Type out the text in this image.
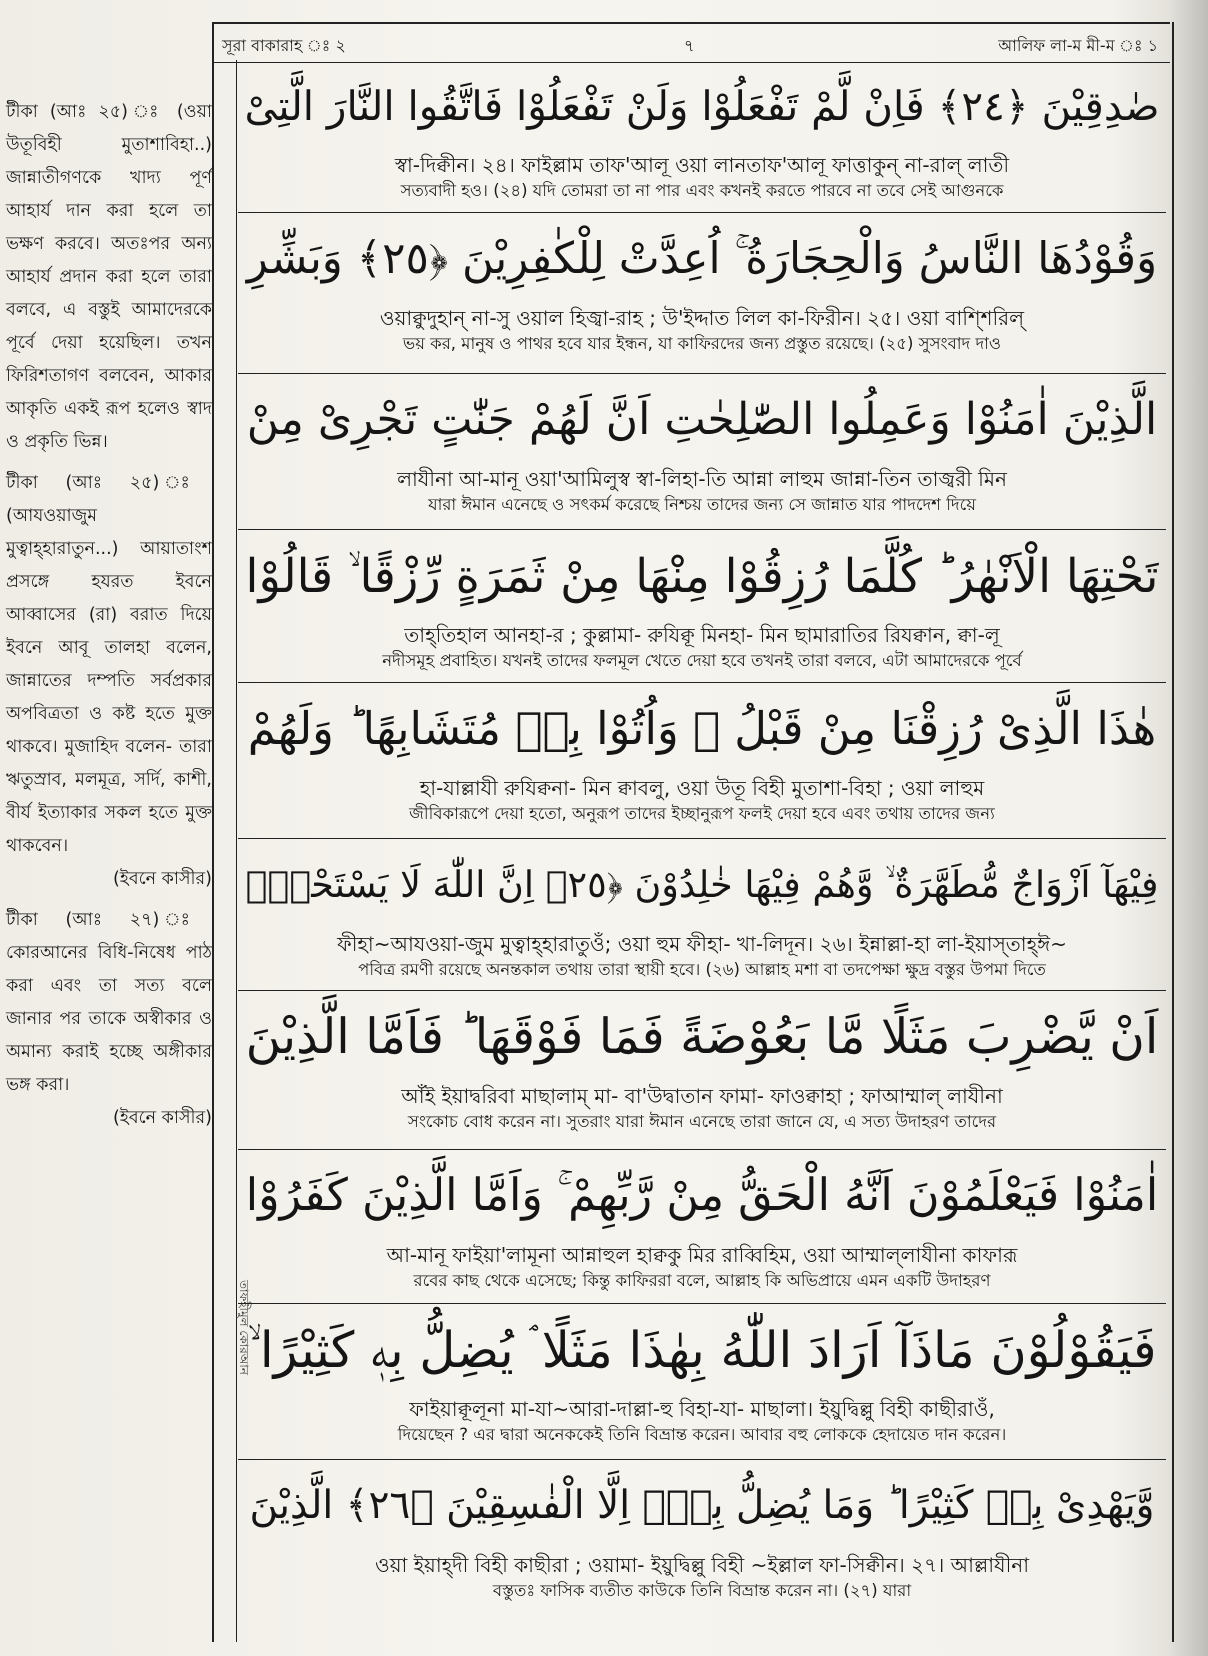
সূরা বাকারাহ ঃ ২	৭	আলিফ লা-ম মী-ম ঃ ১
তাফহীমুল কোরআন

টীকা (আঃ ২৫) ঃ (ওয়া উতূবিহী মুতাশাবিহা..) জান্নাতীগণকে খাদ্য পূর্ণ আহার্য দান করা হলে তা ভক্ষণ করবে। অতঃপর অন্য আহার্য প্রদান করা হলে তারা বলবে, এ বস্তুই আমাদেরকে পূর্বে দেয়া হয়েছিল। তখন ফিরিশতাগণ বলবেন, আকার আকৃতি একই রূপ হলেও স্বাদ ও প্রকৃতি ভিন্ন।

টীকা (আঃ ২৫) ঃ (আযওয়াজুম মুত্বাহ্‌হারাতুন...) আয়াতাংশ প্রসঙ্গে হযরত ইবনে আব্বাসের (রা) বরাত দিয়ে ইবনে আবূ তালহা বলেন, জান্নাতের দম্পতি সর্বপ্রকার অপবিত্রতা ও কষ্ট হতে মুক্ত থাকবে। মুজাহিদ বলেন- তারা ঋতুস্রাব, মলমূত্র, সর্দি, কাশী, বীর্য ইত্যাকার সকল হতে মুক্ত থাকবেন।
(ইবনে কাসীর)

টীকা (আঃ ২৭) ঃ কোরআনের বিধি-নিষেধ পাঠ করা এবং তা সত্য বলে জানার পর তাকে অস্বীকার ও অমান্য করাই হচ্ছে অঙ্গীকার ভঙ্গ করা।
(ইবনে কাসীর)

صٰدِقِيْنَ ﴿٢٤﴾ فَاِنْ لَّمْ تَفْعَلُوْا وَلَنْ تَفْعَلُوْا فَاتَّقُوا النَّارَ الَّتِىْ
স্বা-দিক্বীন। ২৪। ফাইল্লাম তাফ'আলূ ওয়া লানতাফ'আলূ ফাত্তাকুন্ না-রাল্ লাতী
সত্যবাদী হও। (২৪) যদি তোমরা তা না পার এবং কখনই করতে পারবে না তবে সেই আগুনকে
وَقُوْدُهَا النَّاسُ وَالْحِجَارَةُ ۚ اُعِدَّتْ لِلْكٰفِرِيْنَ ﴿٢٥﴾ وَبَشِّرِ
ওয়াক্বুদুহান্ না-সু ওয়াল হিজ্বা-রাহ ; উ'ইদ্দাত লিল কা-ফিরীন। ২৫। ওয়া বাশ্শিরিল্
ভয় কর, মানুষ ও পাথর হবে যার ইন্ধন, যা কাফিরদের জন্য প্রস্তুত রয়েছে। (২৫) সুসংবাদ দাও
الَّذِيْنَ اٰمَنُوْا وَعَمِلُوا الصّٰلِحٰتِ اَنَّ لَهُمْ جَنّٰتٍ تَجْرِىْ مِنْ
লাযীনা আ-মানূ ওয়া'আমিলুস্ব স্বা-লিহা-তি আন্না লাহুম জান্না-তিন তাজ্বরী মিন
যারা ঈমান এনেছে ও সৎকর্ম করেছে নিশ্চয় তাদের জন্য সে জান্নাত যার পাদদেশ দিয়ে
تَحْتِهَا الْاَنْهٰرُ ؕ كُلَّمَا رُزِقُوْا مِنْهَا مِنْ ثَمَرَةٍ رِّزْقًا ۙ قَالُوْا
তাহ্‌তিহাল আনহা-র ; কুল্লামা- রুযিক্বূ মিনহা- মিন ছামারাতির রিযক্বান, ক্বা-লূ
নদীসমূহ প্রবাহিত। যখনই তাদের ফলমূল খেতে দেয়া হবে তখনই তারা বলবে, এটা আমাদেরকে পূর্বে
هٰذَا الَّذِىْ رُزِقْنَا مِنْ قَبْلُ ۙ وَاُتُوْا بِهٖ مُتَشَابِهًا ؕ وَلَهُمْ
হা-যাল্লাযী রুযিক্বনা- মিন ক্বাবলু, ওয়া উতূ বিহী মুতাশা-বিহা ; ওয়া লাহুম
জীবিকারূপে দেয়া হতো, অনুরূপ তাদের ইচ্ছানুরূপ ফলই দেয়া হবে এবং তথায় তাদের জন্য
فِيْهَآ اَزْوَاجٌ مُّطَهَّرَةٌ ۙ وَّهُمْ فِيْهَا خٰلِدُوْنَ ﴿٢٥﴾ اِنَّ اللّٰهَ لَا يَسْتَحْىٖٓ
ফীহা~আযওয়া-জুম মুত্বাহ্‌হারাতুওঁ; ওয়া হুম ফীহা- খা-লিদূন। ২৬। ইন্নাল্লা-হা লা-ইয়াস্‌তাহ্‌ঈ~
পবিত্র রমণী রয়েছে অনন্তকাল তথায় তারা স্থায়ী হবে। (২৬) আল্লাহ মশা বা তদপেক্ষা ক্ষুদ্র বস্তুর উপমা দিতে
اَنْ يَّضْرِبَ مَثَلًا مَّا بَعُوْضَةً فَمَا فَوْقَهَا ؕ فَاَمَّا الَّذِيْنَ
আঁই ইয়াদ্বরিবা মাছালাম্ মা- বা'উদ্বাতান ফামা- ফাওক্বাহা ; ফাআম্মাল্ লাযীনা
সংকোচ বোধ করেন না। সুতরাং যারা ঈমান এনেছে তারা জানে যে, এ সত্য উদাহরণ তাদের
اٰمَنُوْا فَيَعْلَمُوْنَ اَنَّهُ الْحَقُّ مِنْ رَّبِّهِمْ ۚ وَاَمَّا الَّذِيْنَ كَفَرُوْا
আ-মানূ ফাইয়া'লামূনা আন্নাহুল হাক্বকু মির রাব্বিহিম, ওয়া আম্মাল্‌লাযীনা কাফারূ
রবের কাছ থেকে এসেছে; কিন্তু কাফিররা বলে, আল্লাহ কি অভিপ্রায়ে এমন একটি উদাহরণ
فَيَقُوْلُوْنَ مَاذَآ اَرَادَ اللّٰهُ بِهٰذَا مَثَلًا ۘ يُضِلُّ بِهٖ كَثِيْرًا ۙ
ফাইয়াক্বূলূনা মা-যা~আরা-দাল্লা-হু বিহা-যা- মাছালা। ইয়ুদ্বিল্লু বিহী কাছীরাওঁ,
দিয়েছেন ? এর দ্বারা অনেককেই তিনি বিভ্রান্ত করেন। আবার বহু লোককে হেদায়েত দান করেন।
وَّيَهْدِىْ بِهٖ كَثِيْرًا ؕ وَمَا يُضِلُّ بِهٖٓ اِلَّا الْفٰسِقِيْنَ ﴿٢٦﴾ الَّذِيْنَ
ওয়া ইয়াহ্‌দী বিহী কাছীরা ; ওয়ামা- ইয়ুদ্বিল্লু বিহী ~ইল্লাল ফা-সিক্বীন। ২৭। আল্লাযীনা
বস্তুতঃ ফাসিক ব্যতীত কাউকে তিনি বিভ্রান্ত করেন না। (২৭) যারা
